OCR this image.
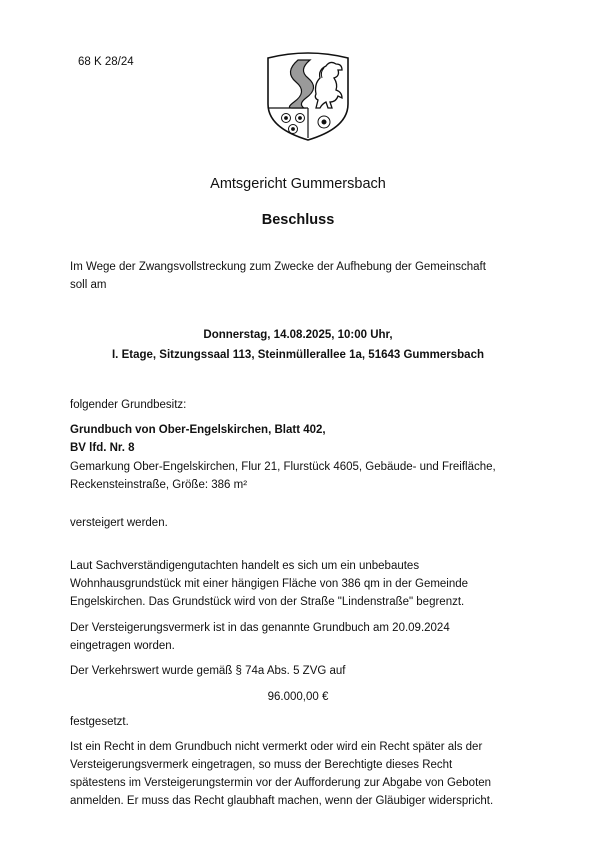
68 K 28/24
Amtsgericht Gummersbach
Beschluss
Im Wege der Zwangsvollstreckung zum Zwecke der Aufhebung der Gemeinschaft
soll am
Donnerstag, 14.08.2025, 10:00 Uhr,
I. Etage, Sitzungssaal 113, Steinmüllerallee 1a, 51643 Gummersbach
folgender Grundbesitz:
Grundbuch von Ober-Engelskirchen, Blatt 402,
BV lfd. Nr. 8
Gemarkung Ober-Engelskirchen, Flur 21, Flurstück 4605, Gebäude- und Freifläche,
Reckensteinstraße, Größe: 386 m²
versteigert werden.
Laut Sachverständigengutachten handelt es sich um ein unbebautes
Wohnhausgrundstück mit einer hängigen Fläche von 386 qm in der Gemeinde
Engelskirchen. Das Grundstück wird von der Straße "Lindenstraße" begrenzt.
Der Versteigerungsvermerk ist in das genannte Grundbuch am 20.09.2024
eingetragen worden.
Der Verkehrswert wurde gemäß § 74a Abs. 5 ZVG auf
96.000,00 €
festgesetzt.
Ist ein Recht in dem Grundbuch nicht vermerkt oder wird ein Recht später als der
Versteigerungsvermerk eingetragen, so muss der Berechtigte dieses Recht
spätestens im Versteigerungstermin vor der Aufforderung zur Abgabe von Geboten
anmelden. Er muss das Recht glaubhaft machen, wenn der Gläubiger widerspricht.
